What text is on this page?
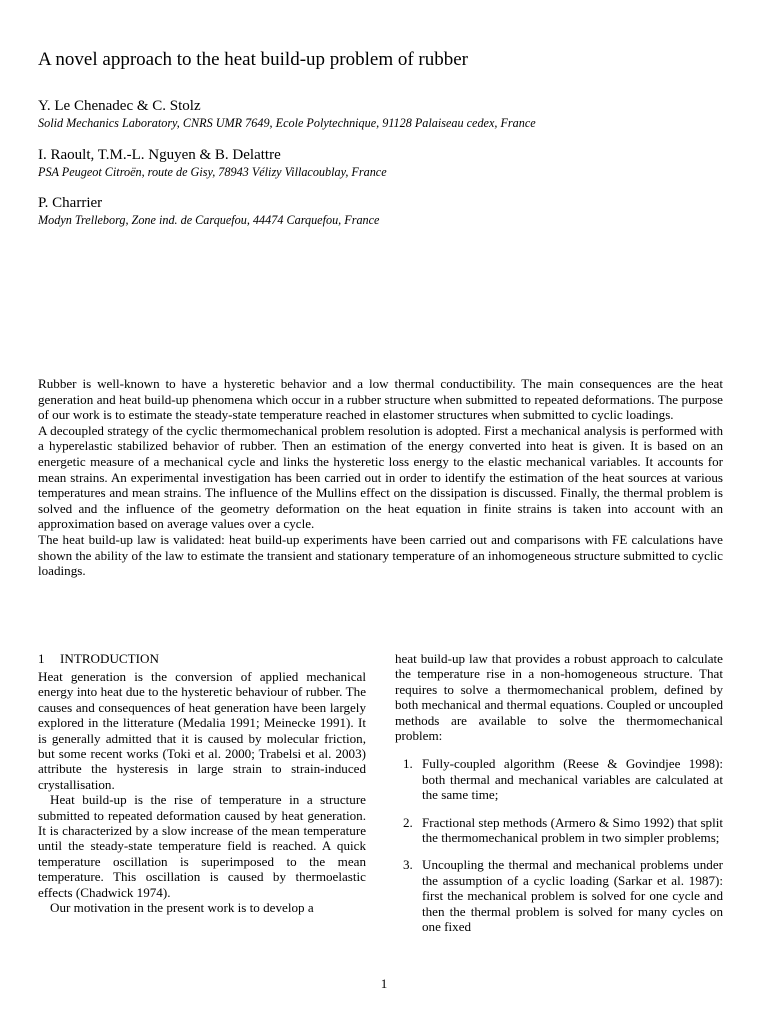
A novel approach to the heat build-up problem of rubber
Y. Le Chenadec & C. Stolz
Solid Mechanics Laboratory, CNRS UMR 7649, Ecole Polytechnique, 91128 Palaiseau cedex, France
I. Raoult, T.M.-L. Nguyen & B. Delattre
PSA Peugeot Citroën, route de Gisy, 78943 Vélizy Villacoublay, France
P. Charrier
Modyn Trelleborg, Zone ind. de Carquefou, 44474 Carquefou, France

Rubber is well-known to have a hysteretic behavior and a low thermal conductibility. The main consequences are the heat generation and heat build-up phenomena which occur in a rubber structure when submitted to repeated deformations. The purpose of our work is to estimate the steady-state temperature reached in elastomer structures when submitted to cyclic loadings.

A decoupled strategy of the cyclic thermomechanical problem resolution is adopted. First a mechanical analysis is performed with a hyperelastic stabilized behavior of rubber. Then an estimation of the energy converted into heat is given. It is based on an energetic measure of a mechanical cycle and links the hysteretic loss energy to the elastic mechanical variables. It accounts for mean strains. An experimental investigation has been carried out in order to identify the estimation of the heat sources at various temperatures and mean strains. The influence of the Mullins effect on the dissipation is discussed. Finally, the thermal problem is solved and the influence of the geometry deformation on the heat equation in finite strains is taken into account with an approximation based on average values over a cycle.

The heat build-up law is validated: heat build-up experiments have been carried out and comparisons with FE calculations have shown the ability of the law to estimate the transient and stationary temperature of an inhomogeneous structure submitted to cyclic loadings.

1 INTRODUCTION

Heat generation is the conversion of applied mechanical energy into heat due to the hysteretic behaviour of rubber. The causes and consequences of heat generation have been largely explored in the litterature (Medalia 1991; Meinecke 1991). It is generally admitted that it is caused by molecular friction, but some recent works (Toki et al. 2000; Trabelsi et al. 2003) attribute the hysteresis in large strain to strain-induced crystallisation.

Heat build-up is the rise of temperature in a structure submitted to repeated deformation caused by heat generation. It is characterized by a slow increase of the mean temperature until the steady-state temperature field is reached. A quick temperature oscillation is superimposed to the mean temperature. This oscillation is caused by thermoelastic effects (Chadwick 1974).

Our motivation in the present work is to develop a

heat build-up law that provides a robust approach to calculate the temperature rise in a non-homogeneous structure. That requires to solve a thermomechanical problem, defined by both mechanical and thermal equations. Coupled or uncoupled methods are available to solve the thermomechanical problem:

1. Fully-coupled algorithm (Reese & Govindjee 1998): both thermal and mechanical variables are calculated at the same time;
2. Fractional step methods (Armero & Simo 1992) that split the thermomechanical problem in two simpler problems;
3. Uncoupling the thermal and mechanical problems under the assumption of a cyclic loading (Sarkar et al. 1987): first the mechanical problem is solved for one cycle and then the thermal problem is solved for many cycles on one fixed
1
